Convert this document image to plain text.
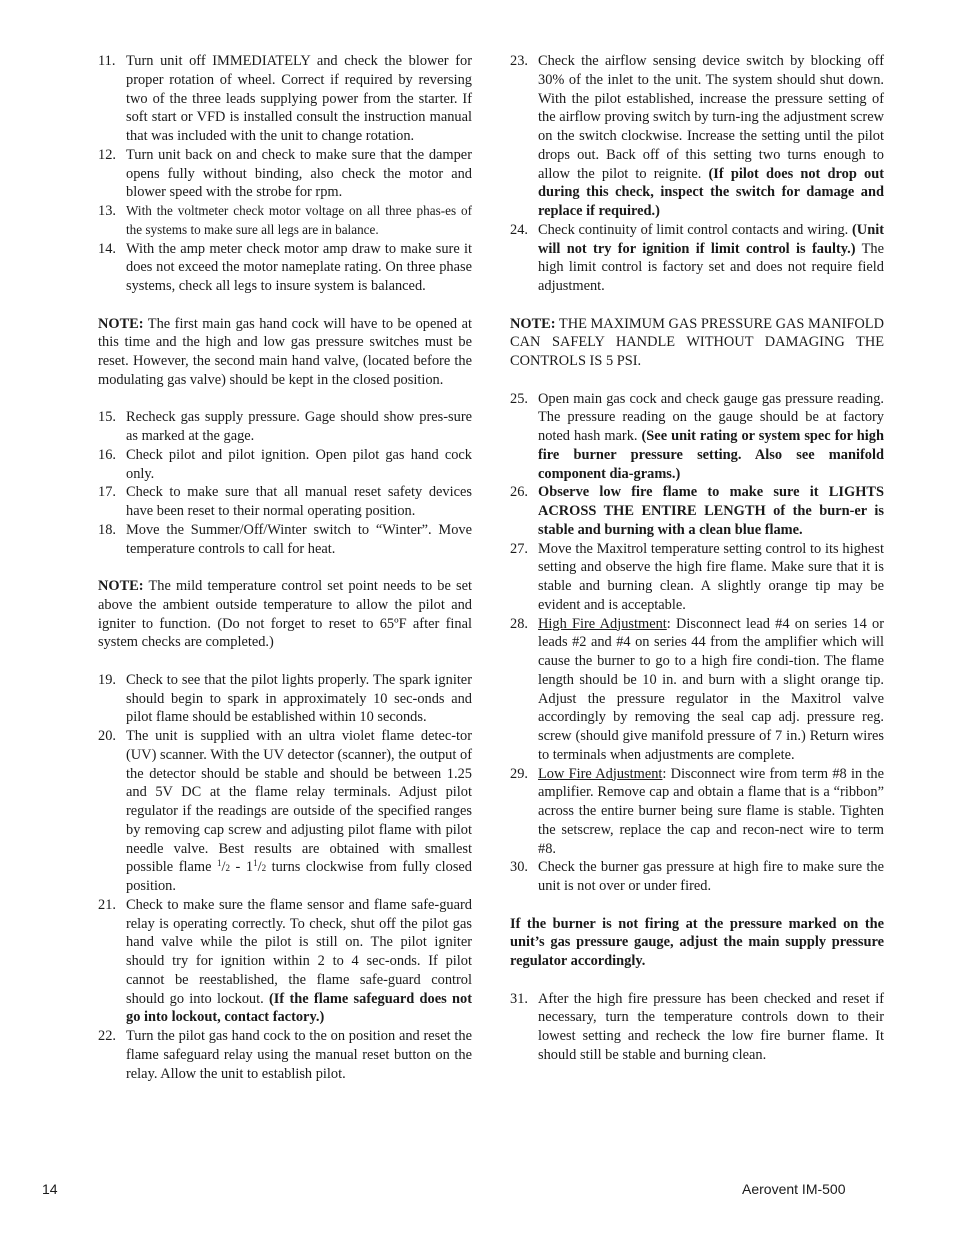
11. Turn unit off IMMEDIATELY and check the blower for proper rotation of wheel. Correct if required by reversing two of the three leads supplying power from the starter. If soft start or VFD is installed consult the instruction manual that was included with the unit to change rotation.
12. Turn unit back on and check to make sure that the damper opens fully without binding, also check the motor and blower speed with the strobe for rpm.
13. With the voltmeter check motor voltage on all three phas-es of the systems to make sure all legs are in balance.
14. With the amp meter check motor amp draw to make sure it does not exceed the motor nameplate rating. On three phase systems, check all legs to insure system is balanced.

NOTE: The first main gas hand cock will have to be opened at this time and the high and low gas pressure switches must be reset. However, the second main hand valve, (located before the modulating gas valve) should be kept in the closed position.

15. Recheck gas supply pressure. Gage should show pres-sure as marked at the gage.
16. Check pilot and pilot ignition. Open pilot gas hand cock only.
17. Check to make sure that all manual reset safety devices have been reset to their normal operating position.
18. Move the Summer/Off/Winter switch to “Winter”. Move temperature controls to call for heat.

NOTE: The mild temperature control set point needs to be set above the ambient outside temperature to allow the pilot and igniter to function. (Do not forget to reset to 65ºF after final system checks are completed.)

19. Check to see that the pilot lights properly. The spark igniter should begin to spark in approximately 10 sec-onds and pilot flame should be established within 10 seconds.
20. The unit is supplied with an ultra violet flame detec-tor (UV) scanner. With the UV detector (scanner), the output of the detector should be stable and should be between 1.25 and 5V DC at the flame relay terminals. Adjust pilot regulator if the readings are outside of the specified ranges by removing cap screw and adjusting pilot flame with pilot needle valve. Best results are obtained with smallest possible flame $^1/2 - 1^1/2$ turns clockwise from fully closed position.
21. Check to make sure the flame sensor and flame safe-guard relay is operating correctly. To check, shut off the pilot gas hand valve while the pilot is still on. The pilot igniter should try for ignition within 2 to 4 sec-onds. If pilot cannot be reestablished, the flame safe-guard control should go into lockout. (If the flame safeguard does not go into lockout, contact factory.)
22. Turn the pilot gas hand cock to the on position and reset the flame safeguard relay using the manual reset button on the relay. Allow the unit to establish pilot.
23. Check the airflow sensing device switch by blocking off 30% of the inlet to the unit. The system should shut down. With the pilot established, increase the pressure setting of the airflow proving switch by turn-ing the adjustment screw on the switch clockwise. Increase the setting until the pilot drops out. Back off of this setting two turns enough to allow the pilot to reignite. (If pilot does not drop out during this check, inspect the switch for damage and replace if required.)
24. Check continuity of limit control contacts and wiring. (Unit will not try for ignition if limit control is faulty.) The high limit control is factory set and does not require field adjustment.

NOTE: THE MAXIMUM GAS PRESSURE GAS MANIFOLD CAN SAFELY HANDLE WITHOUT DAMAGING THE CONTROLS IS 5 PSI.

25. Open main gas cock and check gauge gas pressure reading. The pressure reading on the gauge should be at factory noted hash mark. (See unit rating or system spec for high fire burner pressure setting. Also see manifold component dia-grams.)
26. Observe low fire flame to make sure it LIGHTS ACROSS THE ENTIRE LENGTH of the burn-er is stable and burning with a clean blue flame.
27. Move the Maxitrol temperature setting control to its highest setting and observe the high fire flame. Make sure that it is stable and burning clean. A slightly orange tip may be evident and is acceptable.
28. High Fire Adjustment: Disconnect lead #4 on series 14 or leads #2 and #4 on series 44 from the amplifier which will cause the burner to go to a high fire condi-tion. The flame length should be 10 in. and burn with a slight orange tip. Adjust the pressure regulator in the Maxitrol valve accordingly by removing the seal cap adj. pressure reg. screw (should give manifold pressure of 7 in.) Return wires to terminals when adjustments are complete.
29. Low Fire Adjustment: Disconnect wire from term #8 in the amplifier. Remove cap and obtain a flame that is a “ribbon” across the entire burner being sure flame is stable. Tighten the setscrew, replace the cap and recon-nect wire to term #8.
30. Check the burner gas pressure at high fire to make sure the unit is not over or under fired.

If the burner is not firing at the pressure marked on the unit’s gas pressure gauge, adjust the main supply pressure regulator accordingly.

31. After the high fire pressure has been checked and reset if necessary, turn the temperature controls down to their lowest setting and recheck the low fire burner flame. It should still be stable and burning clean.
14	Aerovent IM-500
